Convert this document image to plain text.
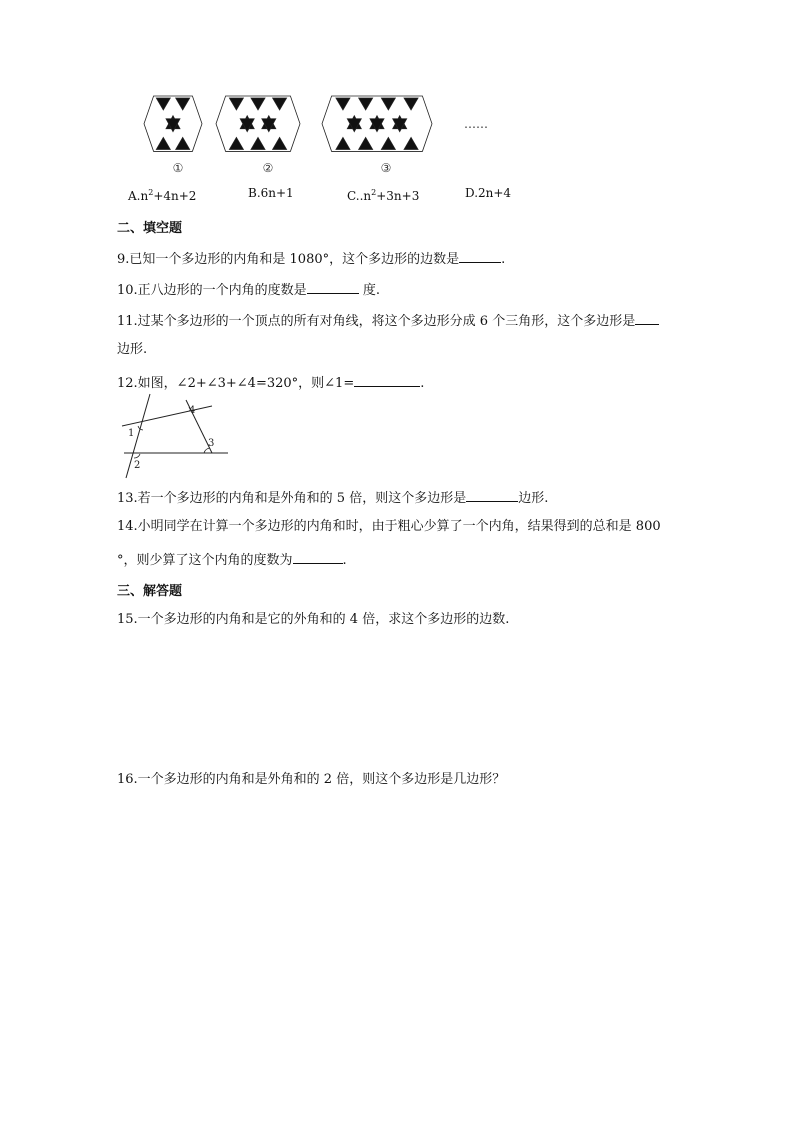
①	②	③
……
$A.n^2+4n+2$	B.6n+1	$C..n^2+3n+3$	D.2n+4
二、填空题
9.已知一个多边形的内角和是 1080°，这个多边形的边数是	.
10.正八边形的一个内角的度数是	度.
11.过某个多边形的一个顶点的所有对角线，将这个多边形分成 6 个三角形，这个多边形是
边形.
12.如图，∠2+∠3+∠4=320°，则∠1=	.
1
2
3
4
13.若一个多边形的内角和是外角和的 5 倍，则这个多边形是	边形.
14.小明同学在计算一个多边形的内角和时，由于粗心少算了一个内角，结果得到的总和是 800
°，则少算了这个内角的度数为	.
三、解答题
15.一个多边形的内角和是它的外角和的 4 倍，求这个多边形的边数.
16.一个多边形的内角和是外角和的 2 倍，则这个多边形是几边形？
